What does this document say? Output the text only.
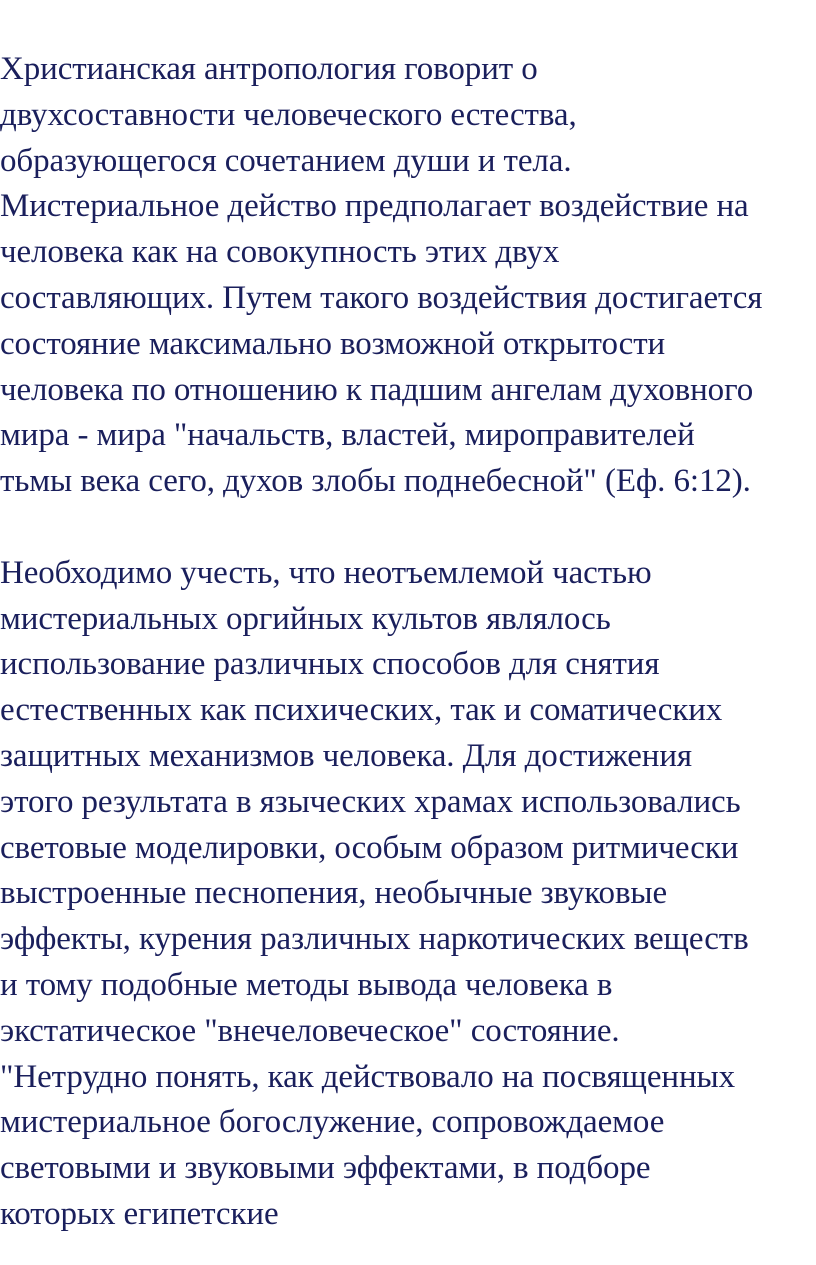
Христианская антропология говорит о
двухсоставности человеческого естества,
образующегося сочетанием души и тела.
Мистериальное действо предполагает воздействие на
человека как на совокупность этих двух
составляющих. Путем такого воздействия достигается
состояние максимально возможной открытости
человека по отношению к падшим ангелам духовного
мира - мира "начальств, властей, мироправителей
тьмы века сего, духов злобы поднебесной" (Еф. 6:12).
Необходимо учесть, что неотъемлемой частью
мистериальных оргийных культов являлось
использование различных способов для снятия
естественных как психических, так и соматических
защитных механизмов человека. Для достижения
этого результата в языческих храмах использовались
световые моделировки, особым образом ритмически
выстроенные песнопения, необычные звуковые
эффекты, курения различных наркотических веществ
и тому подобные методы вывода человека в
экстатическое "внечеловеческое" состояние.
"Нетрудно понять, как действовало на посвященных
мистериальное богослужение, сопровождаемое
световыми и звуковыми эффектами, в подборе
которых египетские
